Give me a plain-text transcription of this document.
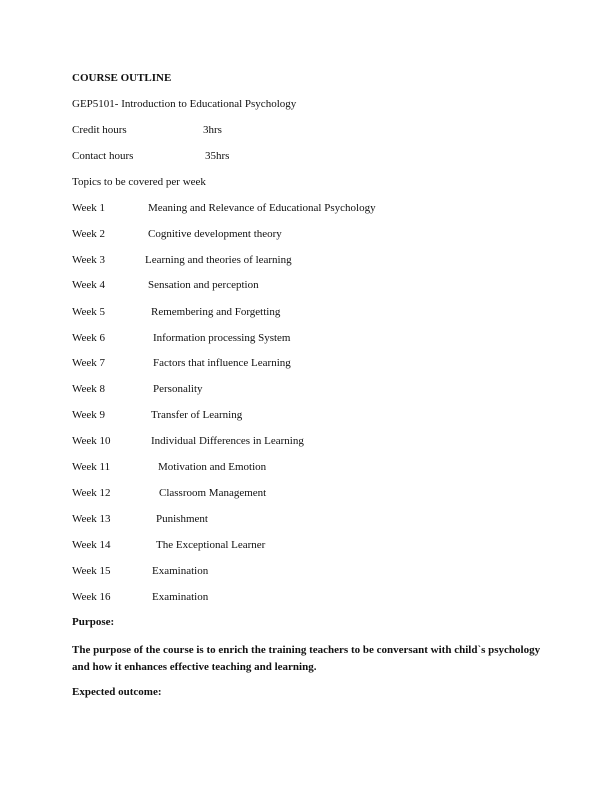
COURSE OUTLINE
GEP5101- Introduction to Educational Psychology
Credit hours	3hrs
Contact hours	35hrs
Topics to be covered per week
Week 1	Meaning and Relevance of Educational Psychology
Week 2	Cognitive development theory
Week 3	Learning and theories of learning
Week 4	Sensation and perception
Week 5	Remembering and Forgetting
Week 6	Information processing System
Week 7	Factors that influence Learning
Week 8	Personality
Week 9	Transfer of Learning
Week 10	Individual Differences in Learning
Week 11	Motivation and Emotion
Week 12	Classroom Management
Week 13	Punishment
Week 14	The Exceptional Learner
Week 15	Examination
Week 16	Examination
Purpose:
The purpose of the course is to enrich the training teachers to be conversant with child`s psychology and how it enhances effective teaching and learning.
Expected outcome:
